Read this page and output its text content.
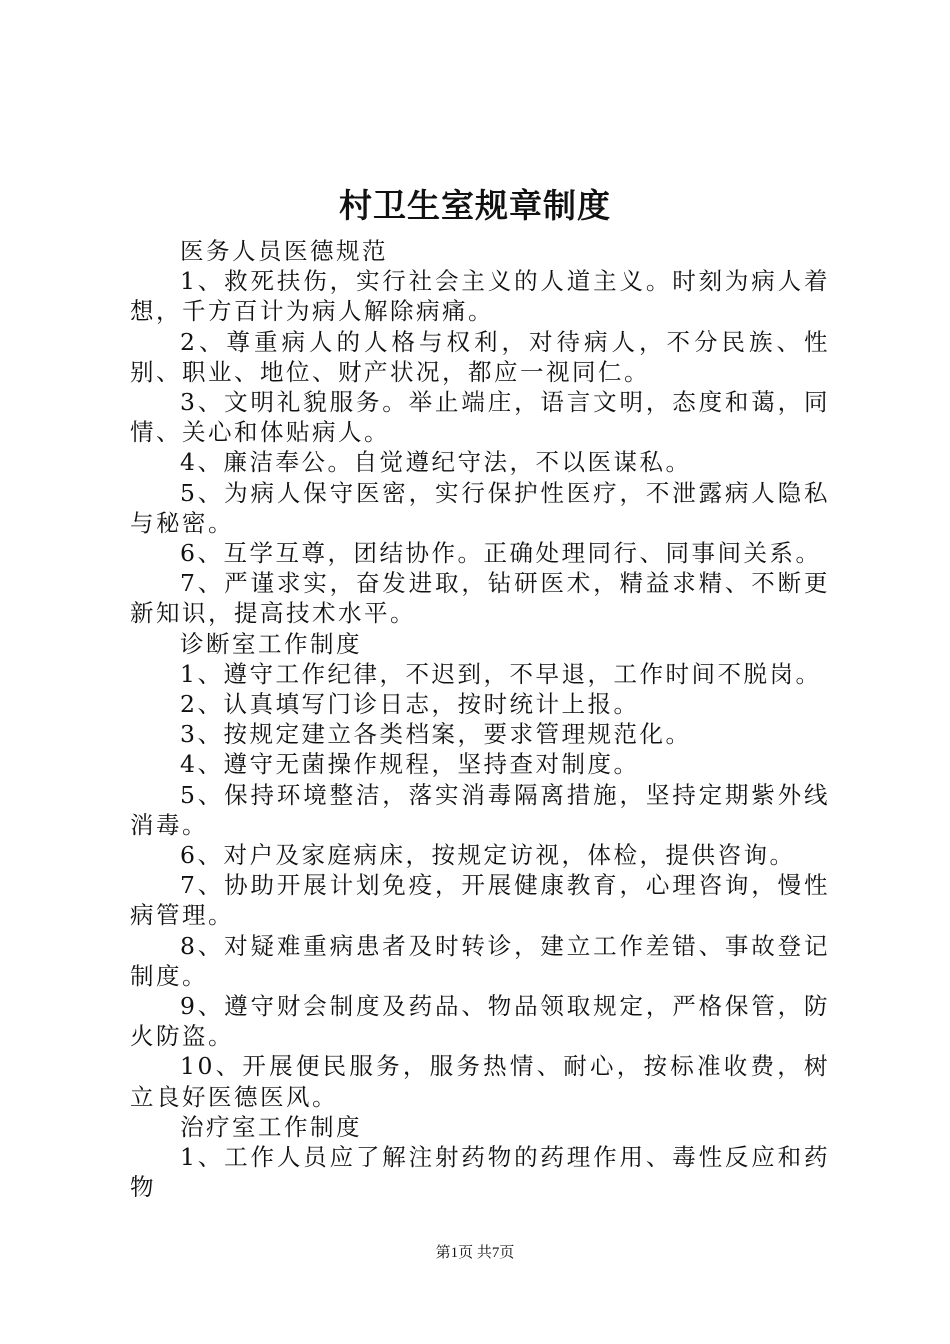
村卫生室规章制度

医务人员医德规范

1、救死扶伤，实行社会主义的人道主义。时刻为病人着想，千方百计为病人解除病痛。

2、尊重病人的人格与权利，对待病人，不分民族、性别、职业、地位、财产状况，都应一视同仁。

3、文明礼貌服务。举止端庄，语言文明，态度和蔼，同情、关心和体贴病人。

4、廉洁奉公。自觉遵纪守法，不以医谋私。

5、为病人保守医密，实行保护性医疗，不泄露病人隐私与秘密。

6、互学互尊，团结协作。正确处理同行、同事间关系。

7、严谨求实，奋发进取，钻研医术，精益求精、不断更新知识，提高技术水平。

诊断室工作制度

1、遵守工作纪律，不迟到，不早退，工作时间不脱岗。

2、认真填写门诊日志，按时统计上报。

3、按规定建立各类档案，要求管理规范化。

4、遵守无菌操作规程，坚持查对制度。

5、保持环境整洁，落实消毒隔离措施，坚持定期紫外线消毒。

6、对户及家庭病床，按规定访视，体检，提供咨询。

7、协助开展计划免疫，开展健康教育，心理咨询，慢性病管理。

8、对疑难重病患者及时转诊，建立工作差错、事故登记制度。

9、遵守财会制度及药品、物品领取规定，严格保管，防火防盗。

10、开展便民服务，服务热情、耐心，按标准收费，树立良好医德医风。

治疗室工作制度

1、工作人员应了解注射药物的药理作用、毒性反应和药物

第1页 共7页
